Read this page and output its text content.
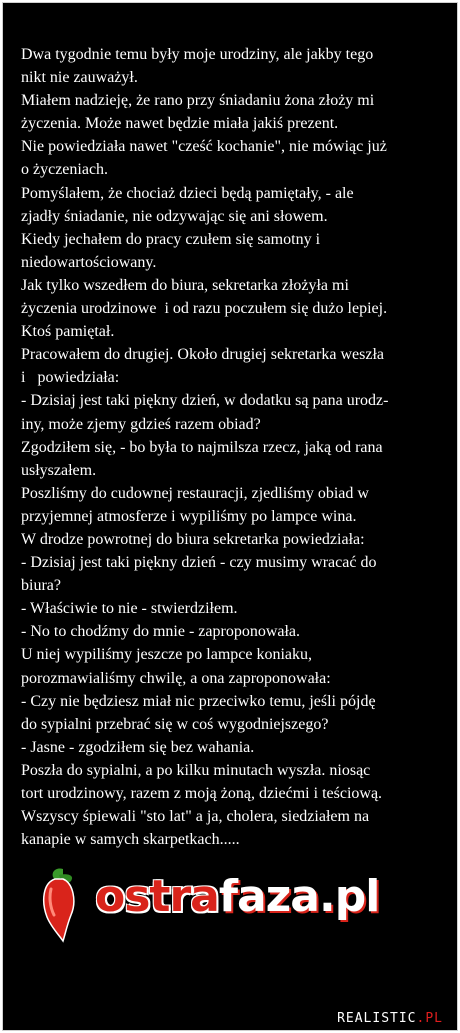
Dwa tygodnie temu były moje urodziny, ale jakby tego

nikt nie zauważył.

Miałem nadzieję, że rano przy śniadaniu żona złoży mi

życzenia. Może nawet będzie miała jakiś prezent.

Nie powiedziała nawet "cześć kochanie", nie mówiąc już

o życzeniach.

Pomyślałem, że chociaż dzieci będą pamiętały, - ale

zjadły śniadanie, nie odzywając się ani słowem.

Kiedy jechałem do pracy czułem się samotny i

niedowartościowany.

Jak tylko wszedłem do biura, sekretarka złożyła mi

życzenia urodzinowe  i od razu poczułem się dużo lepiej.

Ktoś pamiętał.

Pracowałem do drugiej. Około drugiej sekretarka weszła

i   powiedziała:

- Dzisiaj jest taki piękny dzień, w dodatku są pana urodz-

iny, może zjemy gdzieś razem obiad?

Zgodziłem się, - bo była to najmilsza rzecz, jaką od rana

usłyszałem.

Poszliśmy do cudownej restauracji, zjedliśmy obiad w

przyjemnej atmosferze i wypiliśmy po lampce wina.

W drodze powrotnej do biura sekretarka powiedziała:

- Dzisiaj jest taki piękny dzień - czy musimy wracać do

biura?

- Właściwie to nie - stwierdziłem.

- No to chodźmy do mnie - zaproponowała.

U niej wypiliśmy jeszcze po lampce koniaku,

porozmawialiśmy chwilę, a ona zaproponowała:

- Czy nie będziesz miał nic przeciwko temu, jeśli pójdę

do sypialni przebrać się w coś wygodniejszego?

- Jasne - zgodziłem się bez wahania.

Poszła do sypialni, a po kilku minutach wyszła. niosąc

tort urodzinowy, razem z moją żoną, dziećmi i teściową.

Wszyscy śpiewali "sto lat" a ja, cholera, siedziałem na

kanapie w samych skarpetkach.....

ostrafaza.pl
REALISTIC.PL
